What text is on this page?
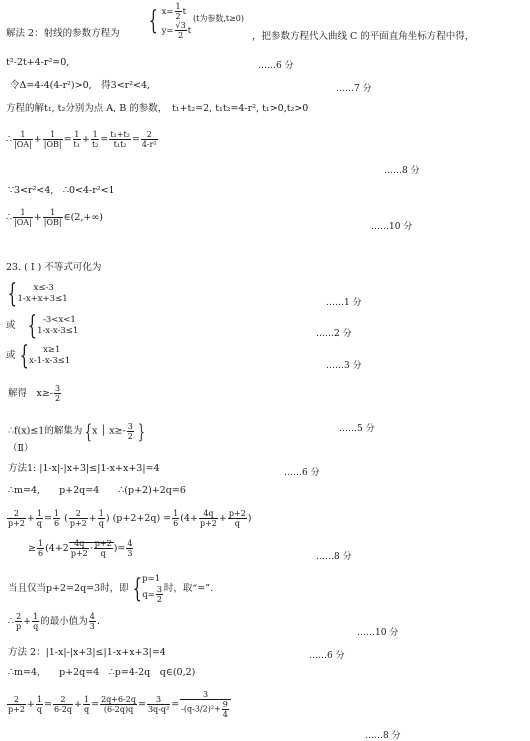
解法 2：射线的参数方程为 { $x= \frac{1}{2}$ t
$y= \frac{√3}{2}$ t
(t为参数,t≥0)
，把参数方程代入曲线 C 的平面直角坐标方程中得，
t²-2t+4-r²=0,	……6 分
令Δ=4-4(4-r²)>0,　得3<r²<4,	……7 分
方程的解t₁, t₂分别为点 A, B 的参数，　t₁+t₂=2, t₁t₂=4-r², t₁>0,t₂>0
∴ $\frac{1}{|OA|} + \frac{1}{|OB|} = \frac{1}{\text{t₁}} + \frac{1}{\text{t₂}} = \frac{\text{t₁+t₂}}{\text{t₁t₂}} = \frac{2}{\text{4-r²}}$
……8 分
∵3<r²<4,　∴0<4-r²<1
∴ $\frac{1}{|OA|} + \frac{1}{|OB|}$ ∈(2,+∞)
……10 分
23. ( Ⅰ ) 不等式可化为
{ x≤-3
1-x+x+3≤1	……1 分
或 { -3<x<1
1-x-x-3≤1	……2 分
或 { x≥1
x-1-x-3≤1	……3 分
解得　$x\ge- \frac{3}{2}$
∴f(x)≤1的解集为 {x │ $x\ge- \frac{3}{2}$ }	……5 分
（Ⅱ）
方法1: |1-x|-|x+3|≤|1-x+x+3|=4	……6 分
∴m=4,　　p+2q=4　　∴(p+2)+2q=6
$\frac{2}{p+2} + \frac{1}{q} = \frac{1}{6}$ ( $\frac{2}{p+2} + \frac{1}{q}$ ) $(p+2+2q) = \frac{1}{6} (4+ \frac{4q}{p+2} + \frac{p+2}{q}$ )
≥ $\frac{1}{6} (4+2 \frac{4q}{p+2} \cdot \frac{p+2}{q}$ )= $\frac{4}{3}$	……8 分
当且仅当p+2=2q=3时，即 {p=1
$q= \frac{3}{2}$ 时，取“=”.
∴ $\frac{2}{p} + \frac{1}{q}$ 的最小值为 $\frac{4}{3}$ .
……10 分
方法 2：|1-x|-|x+3|≤|1-x+x+3|=4	……6 分
∴m=4,　　p+2q=4　∴p=4-2q　q∈(0,2)
$\frac{2}{p+2} + \frac{1}{q} = \frac{2}{6-2q} + \frac{1}{q} = \frac{2q+6-2q}{(6-2q)q} = \frac{3}{\text{3q-q²}} = \frac{3}{-(q-3/2)^2+ \frac{9}{4}}$
……8 分
